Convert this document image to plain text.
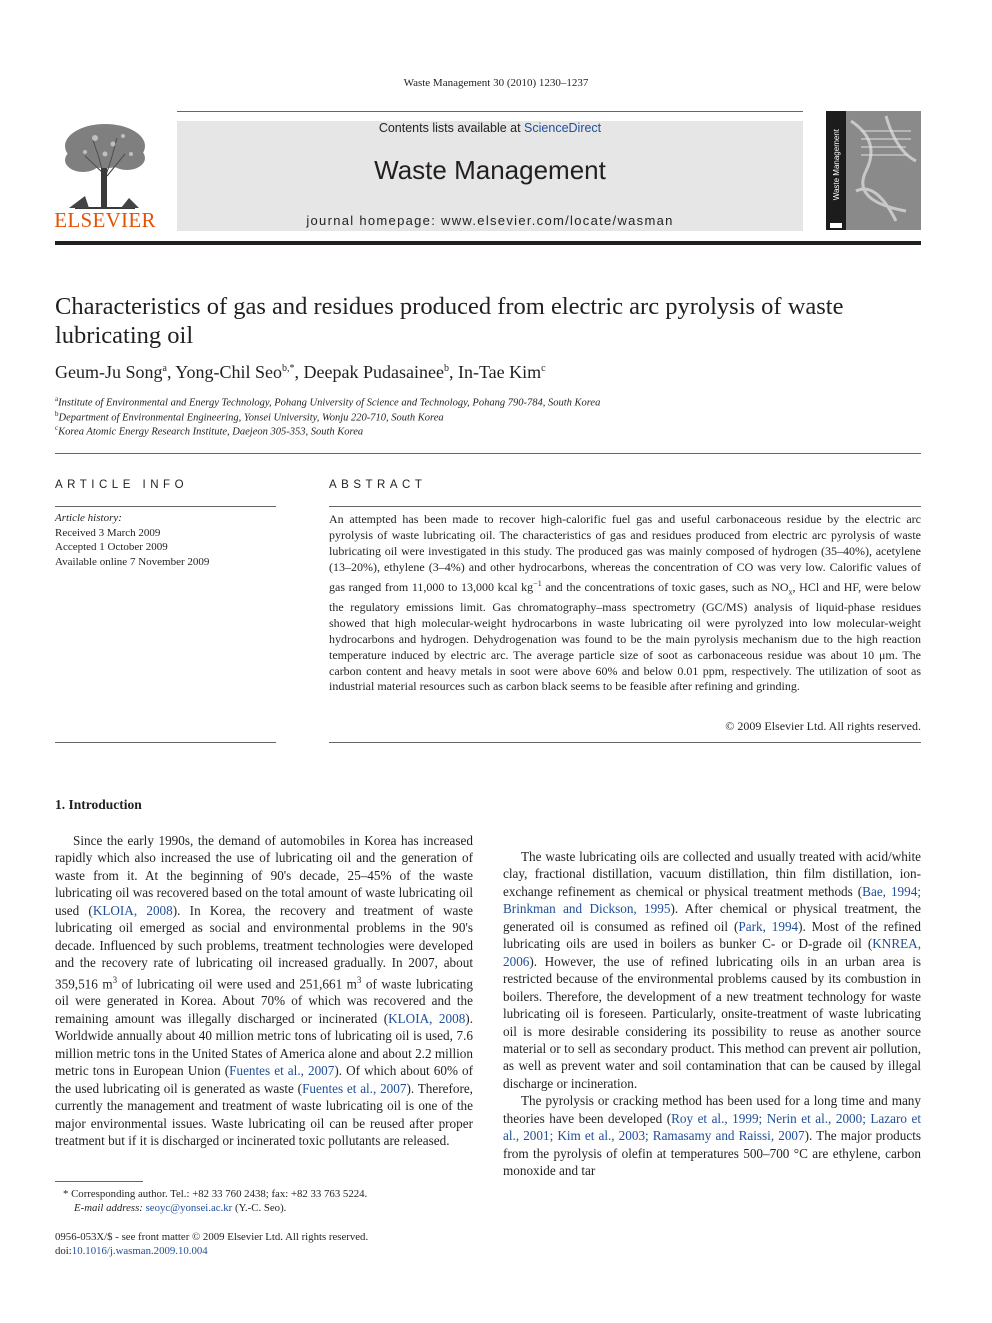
Waste Management 30 (2010) 1230–1237
ELSEVIER
Contents lists available at ScienceDirect
Waste Management
journal homepage: www.elsevier.com/locate/wasman
Waste Management
Characteristics of gas and residues produced from electric arc pyrolysis of waste lubricating oil
Geum-Ju Song$^a$, Yong-Chil Seo$^{b,*}$, Deepak Pudasainee$^b$, In-Tae Kim$^c$
$^a$Institute of Environmental and Energy Technology, Pohang University of Science and Technology, Pohang 790-784, South Korea
$^b$Department of Environmental Engineering, Yonsei University, Wonju 220-710, South Korea
$^c$Korea Atomic Energy Research Institute, Daejeon 305-353, South Korea
ARTICLE INFO
Article history:
Received 3 March 2009
Accepted 1 October 2009
Available online 7 November 2009
ABSTRACT
An attempted has been made to recover high-calorific fuel gas and useful carbonaceous residue by the electric arc pyrolysis of waste lubricating oil. The characteristics of gas and residues produced from electric arc pyrolysis of waste lubricating oil were investigated in this study. The produced gas was mainly composed of hydrogen (35–40%), acetylene (13–20%), ethylene (3–4%) and other hydrocarbons, whereas the concentration of CO was very low. Calorific values of gas ranged from 11,000 to 13,000 kcal $kg^{-1}$ and the concentrations of toxic gases, such as $NO_x$, HCl and HF, were below the regulatory emissions limit. Gas chromatography–mass spectrometry (GC/MS) analysis of liquid-phase residues showed that high molecular-weight hydrocarbons in waste lubricating oil were pyrolyzed into low molecular-weight hydrocarbons and hydrogen. Dehydrogenation was found to be the main pyrolysis mechanism due to the high reaction temperature induced by electric arc. The average particle size of soot as carbonaceous residue was about 10 μm. The carbon content and heavy metals in soot were above 60% and below 0.01 ppm, respectively. The utilization of soot as industrial material resources such as carbon black seems to be feasible after refining and grinding.
© 2009 Elsevier Ltd. All rights reserved.
1. Introduction

Since the early 1990s, the demand of automobiles in Korea has increased rapidly which also increased the use of lubricating oil and the generation of waste from it. At the beginning of 90's decade, 25–45% of the waste lubricating oil was recovered based on the total amount of waste lubricating oil used (KLOIA, 2008). In Korea, the recovery and treatment of waste lubricating oil emerged as social and environmental problems in the 90's decade. Influenced by such problems, treatment technologies were developed and the recovery rate of lubricating oil increased gradually. In 2007, about 359,516 $m^3$ of lubricating oil were used and 251,661 $m^3$ of waste lubricating oil were generated in Korea. About 70% of which was recovered and the remaining amount was illegally discharged or incinerated (KLOIA, 2008). Worldwide annually about 40 million metric tons of lubricating oil is used, 7.6 million metric tons in the United States of America alone and about 2.2 million metric tons in European Union (Fuentes et al., 2007). Of which about 60% of the used lubricating oil is generated as waste (Fuentes et al., 2007). Therefore, currently the management and treatment of waste lubricating oil is one of the major environmental issues. Waste lubricating oil can be reused after proper treatment but if it is discharged or incinerated toxic pollutants are released.

The waste lubricating oils are collected and usually treated with acid/white clay, fractional distillation, vacuum distillation, thin film distillation, ion-exchange refinement as chemical or physical treatment methods (Bae, 1994; Brinkman and Dickson, 1995). After chemical or physical treatment, the generated oil is consumed as refined oil (Park, 1994). Most of the refined lubricating oils are used in boilers as bunker C- or D-grade oil (KNREA, 2006). However, the use of refined lubricating oils in an urban area is restricted because of the environmental problems caused by its combustion in boilers. Therefore, the development of a new treatment technology for waste lubricating oil is foreseen. Particularly, onsite-treatment of waste lubricating oil is more desirable considering its possibility to reuse as another source material or to sell as secondary product. This method can prevent air pollution, as well as prevent water and soil contamination that can be caused by illegal discharge or incineration.

The pyrolysis or cracking method has been used for a long time and many theories have been developed (Roy et al., 1999; Nerin et al., 2000; Lazaro et al., 2001; Kim et al., 2003; Ramasamy and Raissi, 2007). The major products from the pyrolysis of olefin at temperatures 500–700 °C are ethylene, carbon monoxide and tar

* Corresponding author. Tel.: +82 33 760 2438; fax: +82 33 763 5224.
E-mail address: seoyc@yonsei.ac.kr (Y.-C. Seo).
0956-053X/$ - see front matter © 2009 Elsevier Ltd. All rights reserved.
doi:10.1016/j.wasman.2009.10.004
